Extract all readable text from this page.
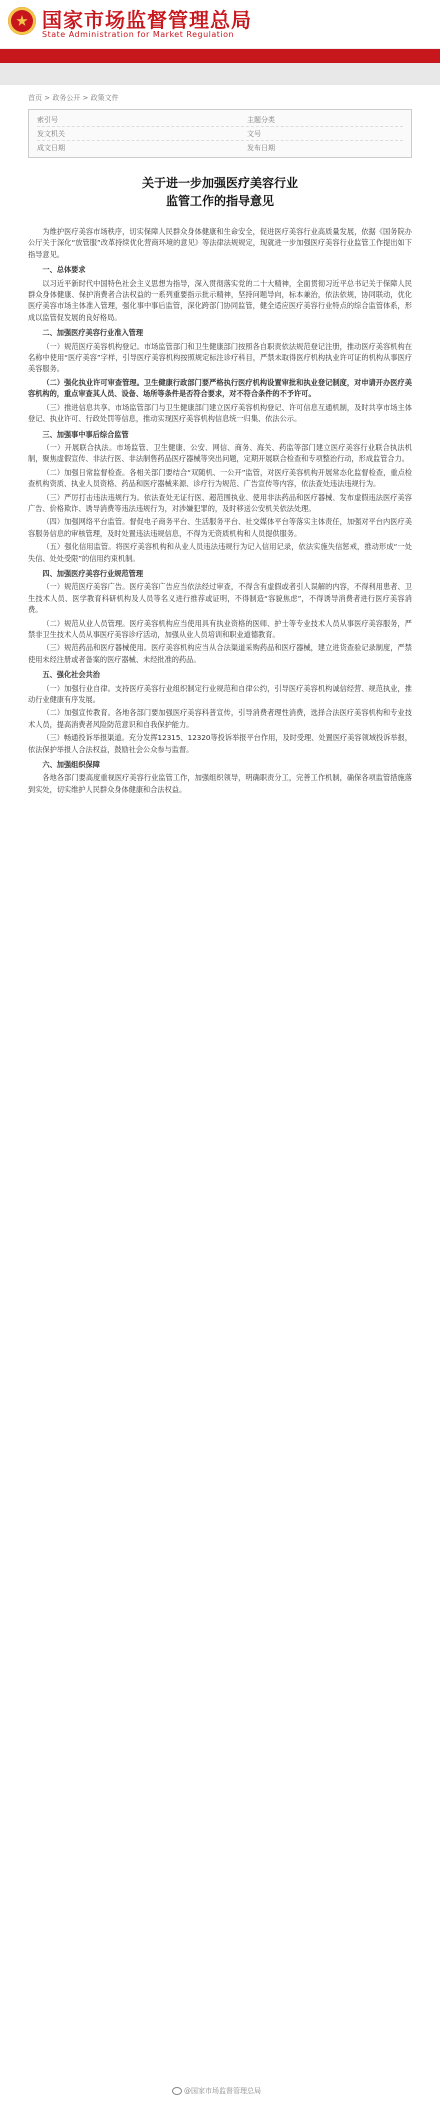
国家市场监督管理总局
State Administration for Market Regulation
首页 > 政务公开 > 政策文件
索引号	主题分类
发文机关	文号
成文日期	发布日期
关于进一步加强医疗美容行业
监管工作的指导意见

为维护医疗美容市场秩序，切实保障人民群众身体健康和生命安全，促进医疗美容行业高质量发展，依据《国务院办公厅关于深化“放管服”改革持续优化营商环境的意见》等法律法规规定，现就进一步加强医疗美容行业监管工作提出如下指导意见。

一、总体要求

以习近平新时代中国特色社会主义思想为指导，深入贯彻落实党的二十大精神，全面贯彻习近平总书记关于保障人民群众身体健康、保护消费者合法权益的一系列重要指示批示精神，坚持问题导向，标本兼治，依法依规，协同联动，优化医疗美容市场主体准入管理，强化事中事后监管，深化跨部门协同监管，健全适应医疗美容行业特点的综合监管体系，形成以监管促发展的良好格局。

二、加强医疗美容行业准入管理

（一）规范医疗美容机构登记。市场监管部门和卫生健康部门按照各自职责依法规范登记注册，推动医疗美容机构在名称中使用“医疗美容”字样，引导医疗美容机构按照规定标注诊疗科目，严禁未取得医疗机构执业许可证的机构从事医疗美容服务。

（二）强化执业许可审查管理。卫生健康行政部门要严格执行医疗机构设置审批和执业登记制度，对申请开办医疗美容机构的，重点审查其人员、设备、场所等条件是否符合要求，对不符合条件的不予许可。

（三）推进信息共享。市场监管部门与卫生健康部门建立医疗美容机构登记、许可信息互通机制，及时共享市场主体登记、执业许可、行政处罚等信息，推动实现医疗美容机构信息统一归集、依法公示。

三、加强事中事后综合监管

（一）开展联合执法。市场监管、卫生健康、公安、网信、商务、海关、药监等部门建立医疗美容行业联合执法机制，聚焦虚假宣传、非法行医、非法制售药品医疗器械等突出问题，定期开展联合检查和专项整治行动，形成监管合力。

（二）加强日常监督检查。各相关部门要结合“双随机、一公开”监管，对医疗美容机构开展常态化监督检查，重点检查机构资质、执业人员资格、药品和医疗器械来源、诊疗行为规范、广告宣传等内容，依法查处违法违规行为。

（三）严厉打击违法违规行为。依法查处无证行医、超范围执业、使用非法药品和医疗器械、发布虚假违法医疗美容广告、价格欺诈、诱导消费等违法违规行为，对涉嫌犯罪的，及时移送公安机关依法处理。

（四）加强网络平台监管。督促电子商务平台、生活服务平台、社交媒体平台等落实主体责任，加强对平台内医疗美容服务信息的审核管理，及时处置违法违规信息，不得为无资质机构和人员提供服务。

（五）强化信用监管。将医疗美容机构和从业人员违法违规行为记入信用记录，依法实施失信惩戒，推动形成“一处失信、处处受限”的信用约束机制。

四、加强医疗美容行业规范管理

（一）规范医疗美容广告。医疗美容广告应当依法经过审查，不得含有虚假或者引人误解的内容，不得利用患者、卫生技术人员、医学教育科研机构及人员等名义进行推荐或证明，不得制造“容貌焦虑”，不得诱导消费者进行医疗美容消费。

（二）规范从业人员管理。医疗美容机构应当使用具有执业资格的医师、护士等专业技术人员从事医疗美容服务，严禁非卫生技术人员从事医疗美容诊疗活动，加强从业人员培训和职业道德教育。

（三）规范药品和医疗器械使用。医疗美容机构应当从合法渠道采购药品和医疗器械，建立进货查验记录制度，严禁使用未经注册或者备案的医疗器械、未经批准的药品。

五、强化社会共治

（一）加强行业自律。支持医疗美容行业组织制定行业规范和自律公约，引导医疗美容机构诚信经营、规范执业，推动行业健康有序发展。

（二）加强宣传教育。各地各部门要加强医疗美容科普宣传，引导消费者理性消费，选择合法医疗美容机构和专业技术人员，提高消费者风险防范意识和自我保护能力。

（三）畅通投诉举报渠道。充分发挥12315、12320等投诉举报平台作用，及时受理、处置医疗美容领域投诉举报，依法保护举报人合法权益，鼓励社会公众参与监督。

六、加强组织保障

各地各部门要高度重视医疗美容行业监管工作，加强组织领导，明确职责分工，完善工作机制，确保各项监管措施落到实处，切实维护人民群众身体健康和合法权益。

@国家市场监督管理总局
